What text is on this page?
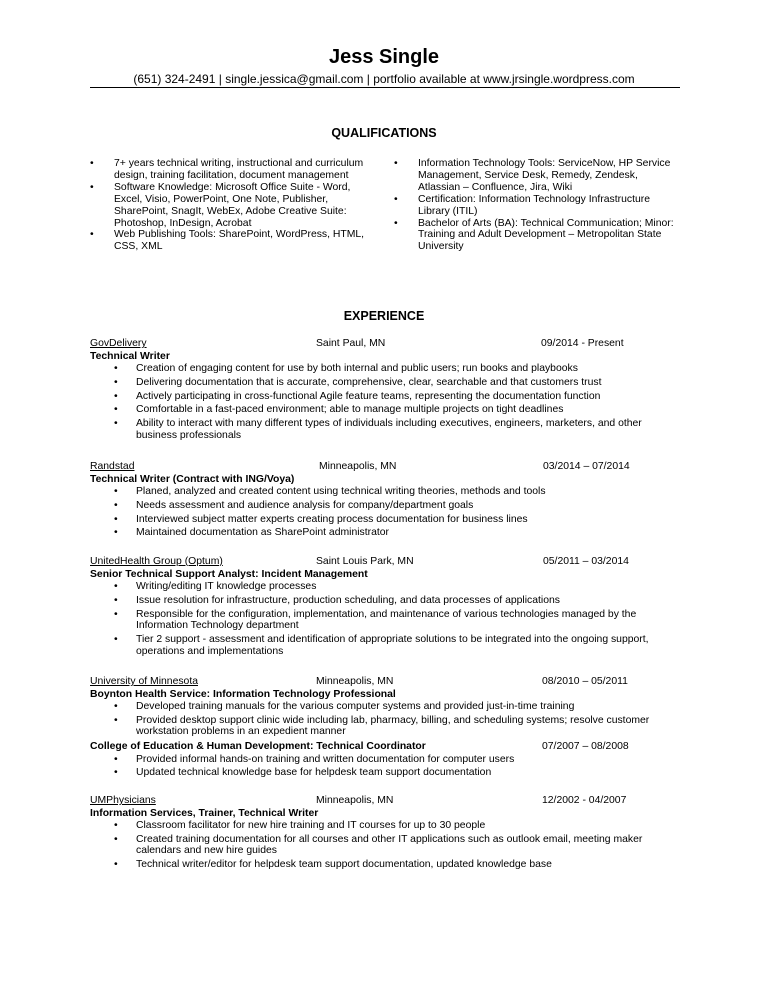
Jess Single
(651) 324-2491 | single.jessica@gmail.com | portfolio available at www.jrsingle.wordpress.com
QUALIFICATIONS
• 7+ years technical writing, instructional and curriculum design, training facilitation, document management
• Software Knowledge: Microsoft Office Suite - Word, Excel, Visio, PowerPoint, One Note, Publisher, SharePoint, SnagIt, WebEx, Adobe Creative Suite: Photoshop, InDesign, Acrobat
• Web Publishing Tools: SharePoint, WordPress, HTML, CSS, XML
• Information Technology Tools: ServiceNow, HP Service Management, Service Desk, Remedy, Zendesk, Atlassian – Confluence, Jira, Wiki
• Certification: Information Technology Infrastructure Library (ITIL)
• Bachelor of Arts (BA): Technical Communication; Minor: Training and Adult Development – Metropolitan State University
EXPERIENCE
GovDelivery	Saint Paul, MN	09/2014 - Present
Technical Writer
• Creation of engaging content for use by both internal and public users; run books and playbooks
• Delivering documentation that is accurate, comprehensive, clear, searchable and that customers trust
• Actively participating in cross-functional Agile feature teams, representing the documentation function
• Comfortable in a fast-paced environment; able to manage multiple projects on tight deadlines
• Ability to interact with many different types of individuals including executives, engineers, marketers, and other business professionals
Randstad	Minneapolis, MN	03/2014 – 07/2014
Technical Writer (Contract with ING/Voya)
• Planed, analyzed and created content using technical writing theories, methods and tools
• Needs assessment and audience analysis for company/department goals
• Interviewed subject matter experts creating process documentation for business lines
• Maintained documentation as SharePoint administrator
UnitedHealth Group (Optum)	Saint Louis Park, MN	05/2011 – 03/2014
Senior Technical Support Analyst: Incident Management
• Writing/editing IT knowledge processes
• Issue resolution for infrastructure, production scheduling, and data processes of applications
• Responsible for the configuration, implementation, and maintenance of various technologies managed by the Information Technology department
• Tier 2 support - assessment and identification of appropriate solutions to be integrated into the ongoing support, operations and implementations
University of Minnesota	Minneapolis, MN	08/2010 – 05/2011
Boynton Health Service: Information Technology Professional
• Developed training manuals for the various computer systems and provided just-in-time training
• Provided desktop support clinic wide including lab, pharmacy, billing, and scheduling systems; resolve customer workstation problems in an expedient manner
College of Education & Human Development: Technical Coordinator	07/2007 – 08/2008
• Provided informal hands-on training and written documentation for computer users
• Updated technical knowledge base for helpdesk team support documentation
UMPhysicians	Minneapolis, MN	12/2002 - 04/2007
Information Services, Trainer, Technical Writer
• Classroom facilitator for new hire training and IT courses for up to 30 people
• Created training documentation for all courses and other IT applications such as outlook email, meeting maker calendars and new hire guides
• Technical writer/editor for helpdesk team support documentation, updated knowledge base
